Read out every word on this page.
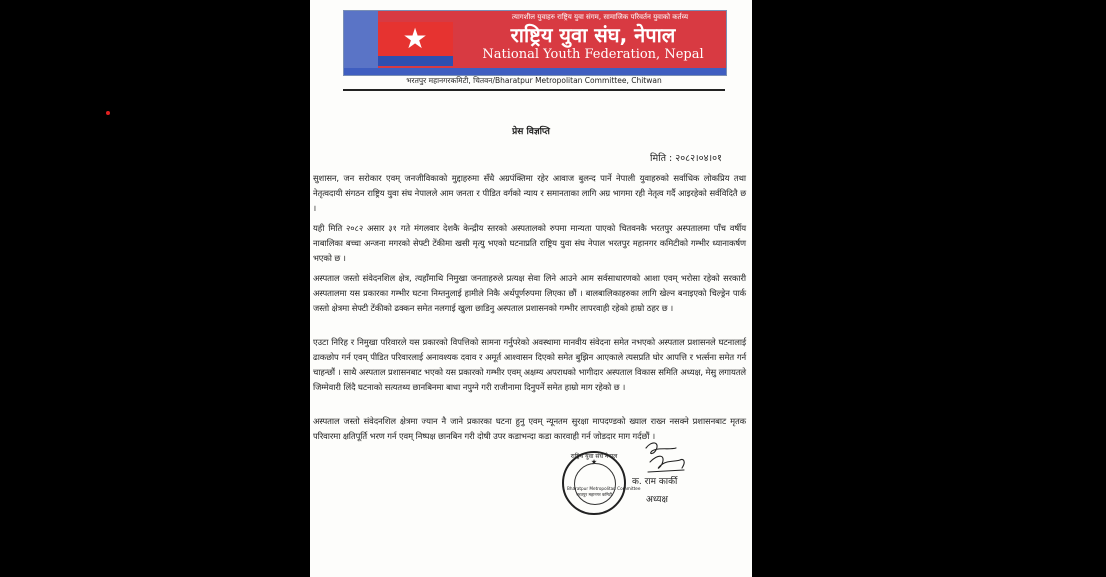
★
त्यागशील युवाहरु राष्ट्रिय युवा संगम, सामाजिक परिवर्तन युवाको कर्तव्य
राष्ट्रिय युवा संघ, नेपाल
National Youth Federation, Nepal
भरतपुर महानगरकमिटी, चितवन/Bharatpur Metropolitan Committee, Chitwan
प्रेस विज्ञप्ति
मिति : २०८२।०४।०१

सुशासन, जन सरोकार एवम् जनजीविकाको मुद्दाहरुमा सँधै अग्रपंक्तिमा रहेर आवाज बुलन्द पार्ने नेपाली युवाहरुको सर्वाधिक लोकप्रिय तथा नेतृत्वदायी संगठन राष्ट्रिय युवा संघ नेपालले आम जनता र पीडित वर्गको न्याय र समानताका लागि अग्र भागमा रही नेतृत्व गर्दै आइरहेको सर्वविदितै छ ।

यही मिति २०८२ असार ३१ गते मंगलवार देशकै केन्द्रीय स्तरको अस्पतालको रुपमा मान्यता पाएको चितवनकै भरतपुर अस्पतालमा पाँच वर्षीय नाबालिका बच्चा अन्जना मगरको सेफ्टी टेंकीमा खसी मृत्यु भएको घटनाप्रति राष्ट्रिय युवा संघ नेपाल भरतपुर महानगर कमिटीको गम्भीर ध्यानाकर्षण भएको छ ।

अस्पताल जस्तो संवेदनशिल क्षेत्र, त्यहाँमाथि निमुखा जनताहरुले प्रत्यक्ष सेवा लिने आउने आम सर्वसाधारणको आशा एवम् भरोसा रहेको सरकारी अस्पतालमा यस प्रकारका गम्भीर घटना निम्तनुलाई हामीले निकै अर्थपूर्णरुपमा लिएका छौं । बालबालिकाहरुका लागि खेल्न बनाइएको चिल्ड्रेन पार्क जस्तो क्षेत्रमा सेफ्टी टेंकीको ढक्कन समेत नलगाई खुला छाडिनु अस्पताल प्रशासनको गम्भीर लापरवाही रहेको हाम्रो ठहर छ ।

एउटा निरिह र निमुखा परिवारले यस प्रकारको विपत्तिको सामना गर्नुपरेको अवस्थामा मानवीय संवेदना समेत नभएको अस्पताल प्रशासनले घटनालाई ढाकछोप गर्न एवम् पीडित परिवारलाई अनावश्यक दवाव र अमूर्त आश्वासन दिएको समेत बुझिन आएकाले त्यसप्रति घोर आपत्ति र भर्त्सना समेत गर्न चाहन्छौं । साथै अस्पताल प्रशासनबाट भएको यस प्रकारको गम्भीर एवम् अक्षम्य अपराधको भागीदार अस्पताल विकास समिति अध्यक्ष, मेसु लगायतले जिम्मेवारी लिंदै घटनाको सत्यतथ्य छानबिनमा बाधा नपुग्ने गरी राजीनामा दिनुपर्ने समेत हाम्रो माग रहेको छ ।

अस्पताल जस्तो संवेदनशिल क्षेत्रमा ज्यान नै जाने प्रकारका घटना हुनु एवम् न्यूनतम सुरक्षा मापदण्डको ख्याल राख्न नसक्ने प्रशासनबाट मृतक परिवारमा क्षतिपूर्ति भरण गर्न एवम् निष्पक्ष छानबिन गरी दोषी उपर कडाभन्दा कडा कारवाही गर्न जोडदार माग गर्दछौं ।

राष्ट्रिय युवा संघ नेपाल
★
Bharatpur Metropolitan Committee
भरतपुर महानगर कमिटी
क. राम कार्की
अध्यक्ष
